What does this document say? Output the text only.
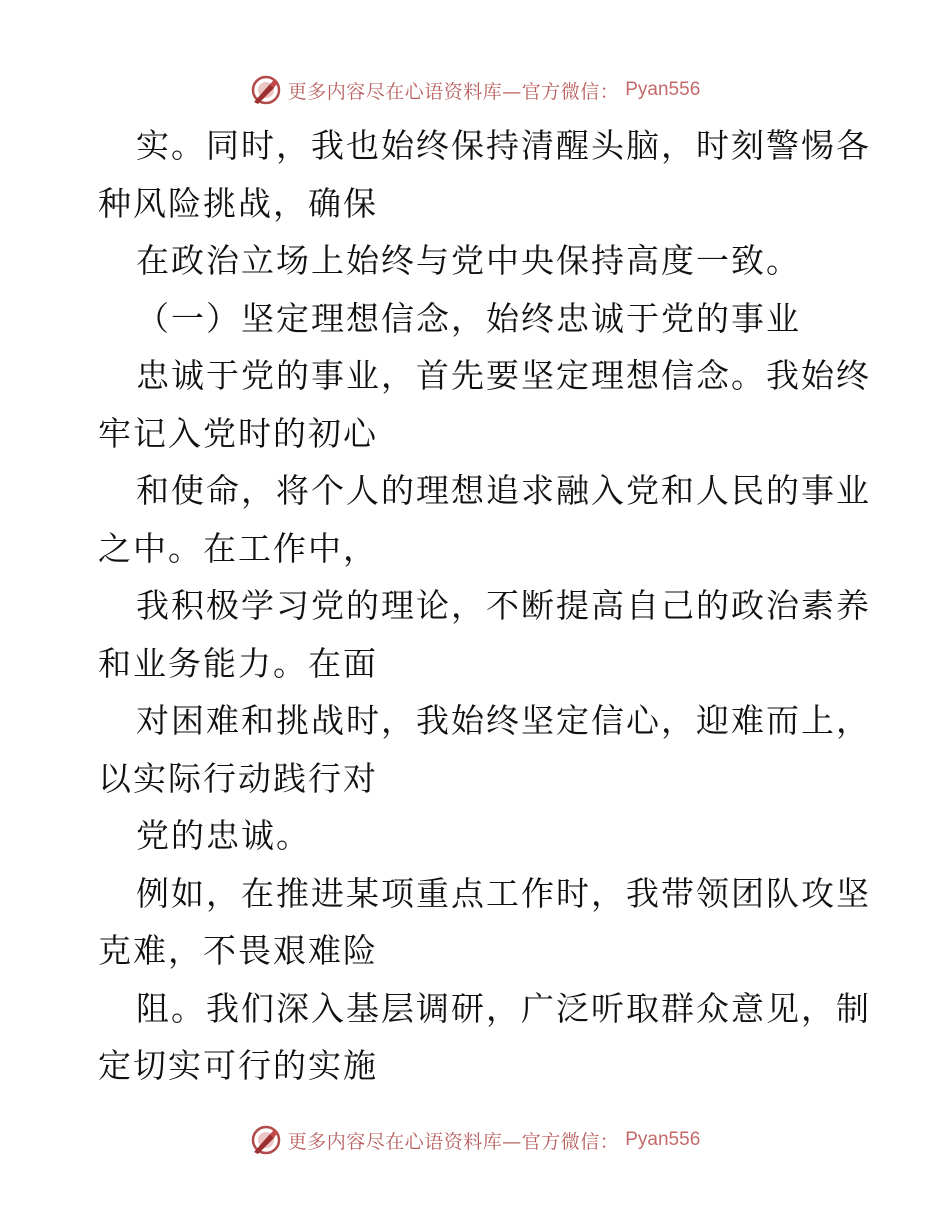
更多内容尽在心语资料库—官方微信： Pyan556
实。同时，我也始终保持清醒头脑，时刻警惕各
种风险挑战，确保
在政治立场上始终与党中央保持高度一致。
（一）坚定理想信念，始终忠诚于党的事业
忠诚于党的事业，首先要坚定理想信念。我始终
牢记入党时的初心
和使命，将个人的理想追求融入党和人民的事业
之中。在工作中，
我积极学习党的理论，不断提高自己的政治素养
和业务能力。在面
对困难和挑战时，我始终坚定信心，迎难而上，
以实际行动践行对
党的忠诚。
例如，在推进某项重点工作时，我带领团队攻坚
克难，不畏艰难险
阻。我们深入基层调研，广泛听取群众意见，制
定切实可行的实施
更多内容尽在心语资料库—官方微信： Pyan556
